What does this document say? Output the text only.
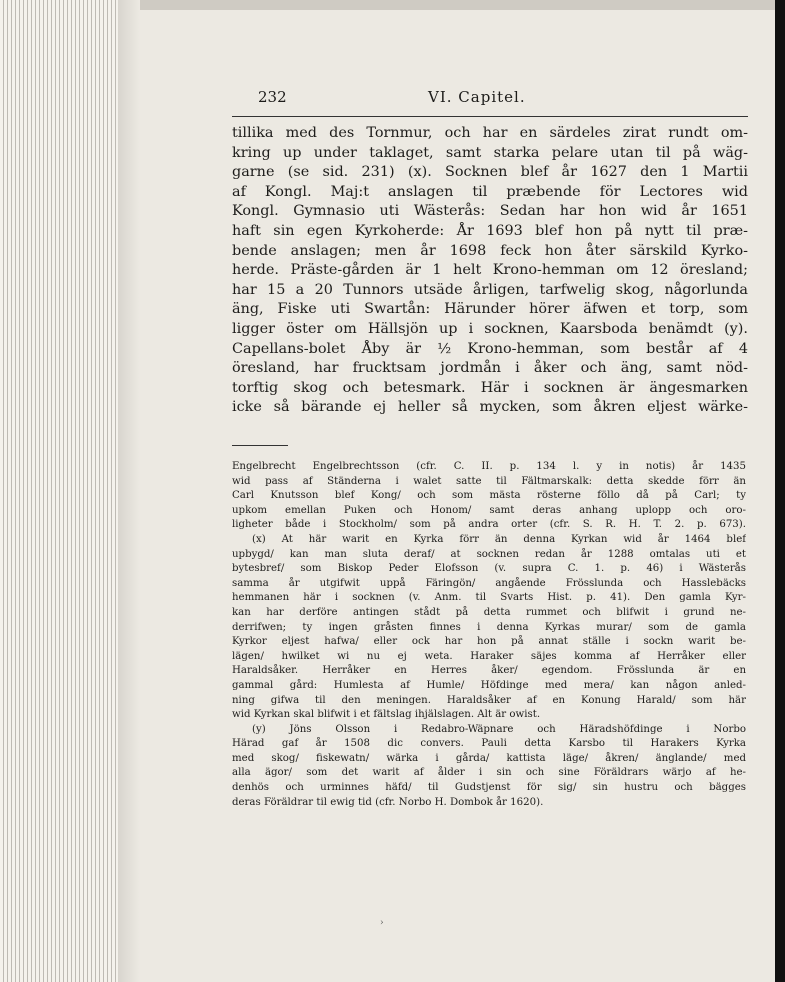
232	VI. Capitel.
tillika med des Tornmur, och har en särdeles zirat rundt om-
kring up under taklaget, samt starka pelare utan til på wäg-
garne (se sid. 231) (x). Socknen blef år 1627 den 1 Martii
af Kongl. Maj:t anslagen til præbende för Lectores wid
Kongl. Gymnasio uti Wästerås: Sedan har hon wid år 1651
haft sin egen Kyrkoherde: År 1693 blef hon på nytt til præ-
bende anslagen; men år 1698 feck hon åter särskild Kyrko-
herde. Präste-gården är 1 helt Krono-hemman om 12 öresland;
har 15 a 20 Tunnors utsäde årligen, tarfwelig skog, någorlunda
äng, Fiske uti Swartån: Härunder hörer äfwen et torp, som
ligger öster om Hällsjön up i socknen, Kaarsboda benämdt (y).
Capellans-bolet Åby är ½ Krono-hemman, som består af 4
öresland, har frucktsam jordmån i åker och äng, samt nöd-
torftig skog och betesmark. Här i socknen är ängesmarken
icke så bärande ej heller så mycken, som åkren eljest wärke-
Engelbrecht Engelbrechtsson (cfr. C. II. p. 134 l. y in notis) år 1435
wid pass af Ständerna i walet satte til Fältmarskalk: detta skedde förr än
Carl Knutsson blef Kong/ och som mästa rösterne föllo då på Carl; ty
upkom emellan Puken och Honom/ samt deras anhang uplopp och oro-
ligheter både i Stockholm/ som på andra orter (cfr. S. R. H. T. 2. p. 673).
(x) At här warit en Kyrka förr än denna Kyrkan wid år 1464 blef
upbygd/ kan man sluta deraf/ at socknen redan år 1288 omtalas uti et
bytesbref/ som Biskop Peder Elofsson (v. supra C. 1. p. 46) i Wästerås
samma år utgifwit uppå Färingön/ angående Frösslunda och Hasslebäcks
hemmanen här i socknen (v. Anm. til Svarts Hist. p. 41). Den gamla Kyr-
kan har derföre antingen stådt på detta rummet och blifwit i grund ne-
derrifwen; ty ingen gråsten finnes i denna Kyrkas murar/ som de gamla
Kyrkor eljest hafwa/ eller ock har hon på annat ställe i sockn warit be-
lägen/ hwilket wi nu ej weta. Haraker säjes komma af Herråker eller
Haraldsåker. Herråker en Herres åker/ egendom. Frösslunda är en
gammal gård: Humlesta af Humle/ Höfdinge med mera/ kan någon anled-
ning gifwa til den meningen. Haraldsåker af en Konung Harald/ som här
wid Kyrkan skal blifwit i et fältslag ihjälslagen. Alt är owist.
(y) Jöns Olsson i Redabro-Wäpnare och Häradshöfdinge i Norbo
Härad gaf år 1508 dic convers. Pauli detta Karsbo til Harakers Kyrka
med skog/ fiskewatn/ wärka i gårda/ kattista läge/ åkren/ änglande/ med
alla ägor/ som det warit af ålder i sin och sine Föräldrars wärjo af he-
denhös och urminnes häfd/ til Gudstjenst för sig/ sin hustru och bägges
deras Föräldrar til ewig tid (cfr. Norbo H. Dombok år 1620).
›
